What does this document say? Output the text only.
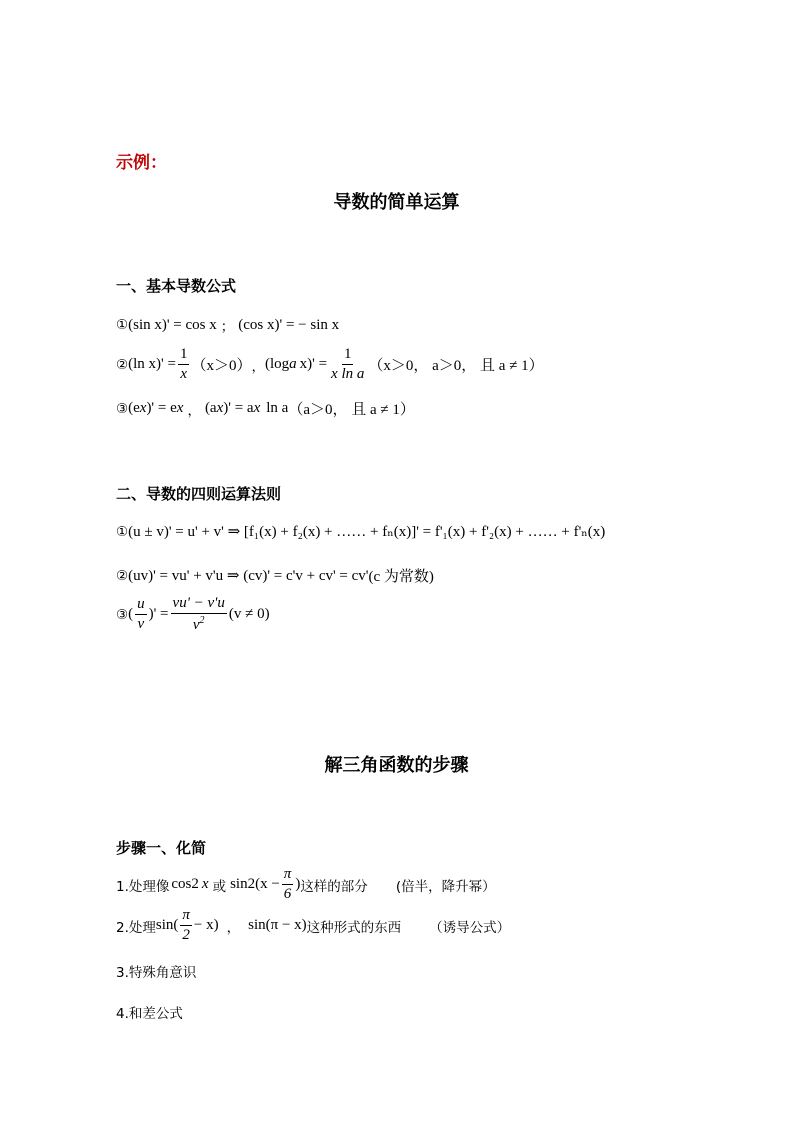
示例：
导数的简单运算
一、基本导数公式
① (sin x)' = cos x ； (cos x)' = − sin x
② (ln $x)' = \frac{1}{x} (x>0)$ ， (log a $x)' = \frac{1}{\text{x ln a}} (x>0$， a＞0， 且 a ≠ 1）
③ (e x )' = e x ， (a x )' = a x ln a （a＞0， 且 a ≠ 1）
二、导数的四则运算法则
① (u ± v)' = u' + v' ⇒ [f₁(x) + f₂(x) + …… + fₙ(x)]' = f'₁(x) + f'₂(x) + …… + f'ₙ(x)
② (uv)' = vu' + v'u ⇒ (cv)' = c'v + cv' = cv' (c 为常数)
③ ( $\frac{u}{v}$ )' = $\frac{vu' - v'u}{v^2} (v \ne 0)$
解三角函数的步骤
步骤一、化简
1.处理像 cos 2 x 或 sin 2 ($x - \frac{\pi}{6}$ ) 这样的部分 (倍半，降升幂）
2.处理 $\sin( \frac{\pi}{2} - x)$ ， sin(π − x) 这种形式的东西 （诱导公式）
3.特殊角意识
4.和差公式
